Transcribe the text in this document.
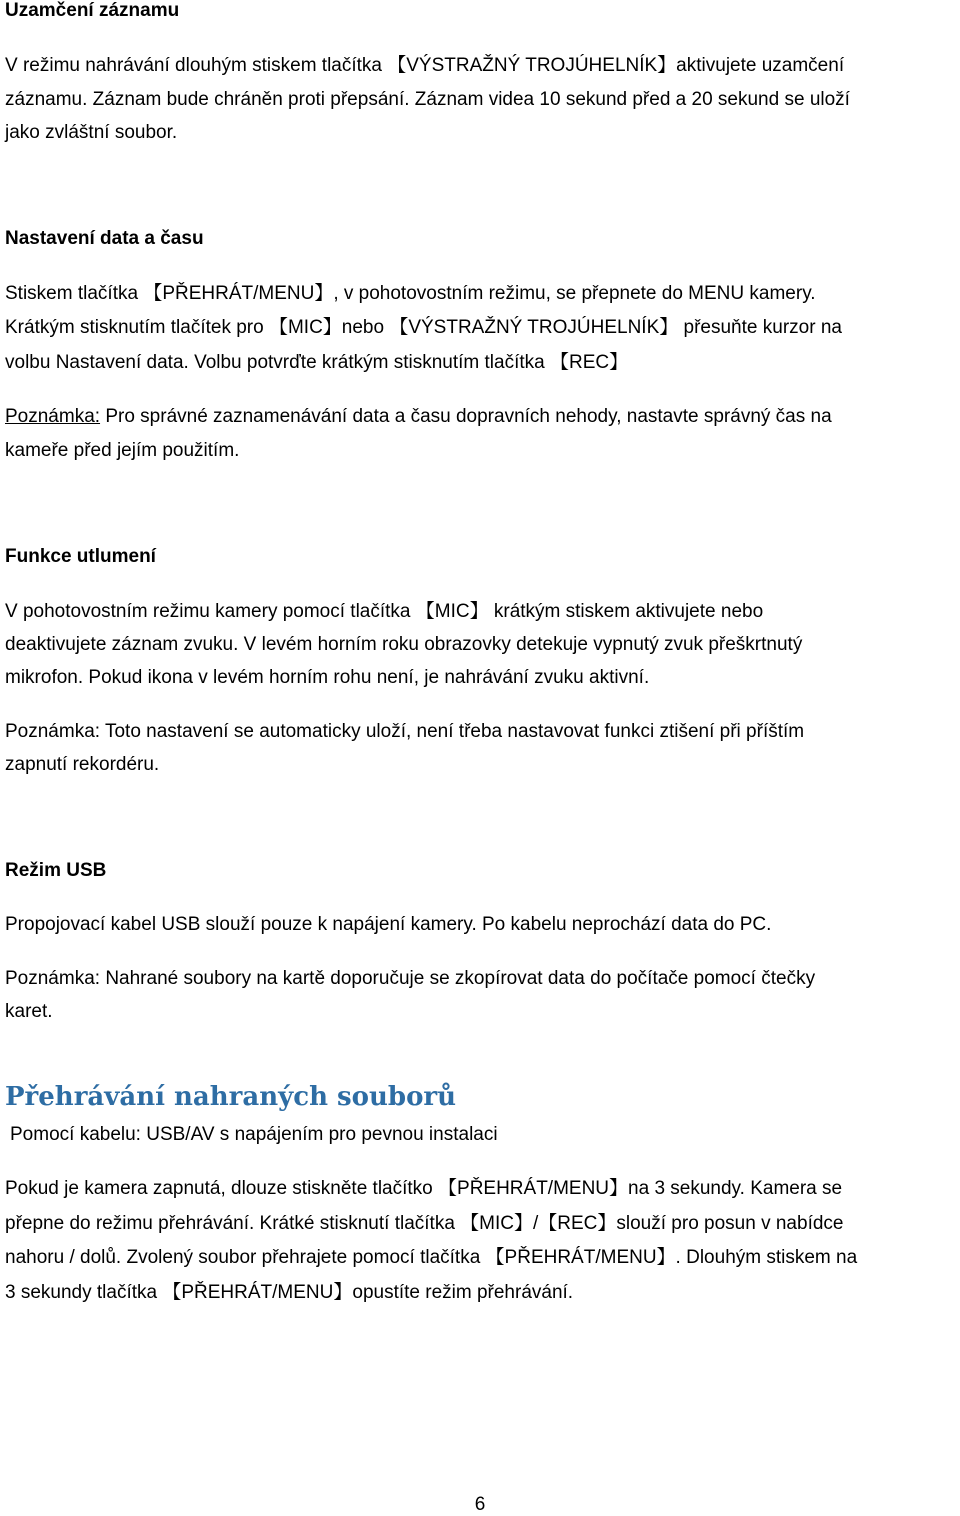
Uzamčení záznamu

V režimu nahrávání dlouhým stiskem tlačítka 【VÝSTRAŽNÝ TROJÚHELNÍK】aktivujete uzamčení

záznamu. Záznam bude chráněn proti přepsání. Záznam videa 10 sekund před a 20 sekund se uloží

jako zvláštní soubor.

Nastavení data a času

Stiskem tlačítka 【PŘEHRÁT/MENU】, v pohotovostním režimu, se přepnete do MENU kamery.

Krátkým stisknutím tlačítek pro 【MIC】nebo 【VÝSTRAŽNÝ TROJÚHELNÍK】 přesuňte kurzor na

volbu Nastavení data. Volbu potvrďte krátkým stisknutím tlačítka 【REC】

Poznámka: Pro správné zaznamenávání data a času dopravních nehody, nastavte správný čas na

kameře před jejím použitím.

Funkce utlumení

V pohotovostním režimu kamery pomocí tlačítka 【MIC】 krátkým stiskem aktivujete nebo

deaktivujete záznam zvuku. V levém horním roku obrazovky detekuje vypnutý zvuk přeškrtnutý

mikrofon. Pokud ikona v levém horním rohu není, je nahrávání zvuku aktivní.

Poznámka: Toto nastavení se automaticky uloží, není třeba nastavovat funkci ztišení při příštím

zapnutí rekordéru.

Režim USB

Propojovací kabel USB slouží pouze k napájení kamery. Po kabelu neprochází data do PC.

Poznámka: Nahrané soubory na kartě doporučuje se zkopírovat data do počítače pomocí čtečky

karet.

Přehrávání nahraných souborů

Pomocí kabelu: USB/AV s napájením pro pevnou instalaci

Pokud je kamera zapnutá, dlouze stiskněte tlačítko 【PŘEHRÁT/MENU】na 3 sekundy. Kamera se

přepne do režimu přehrávání. Krátké stisknutí tlačítka 【MIC】/【REC】slouží pro posun v nabídce

nahoru / dolů. Zvolený soubor přehrajete pomocí tlačítka 【PŘEHRÁT/MENU】. Dlouhým stiskem na

3 sekundy tlačítka 【PŘEHRÁT/MENU】opustíte režim přehrávání.

6
